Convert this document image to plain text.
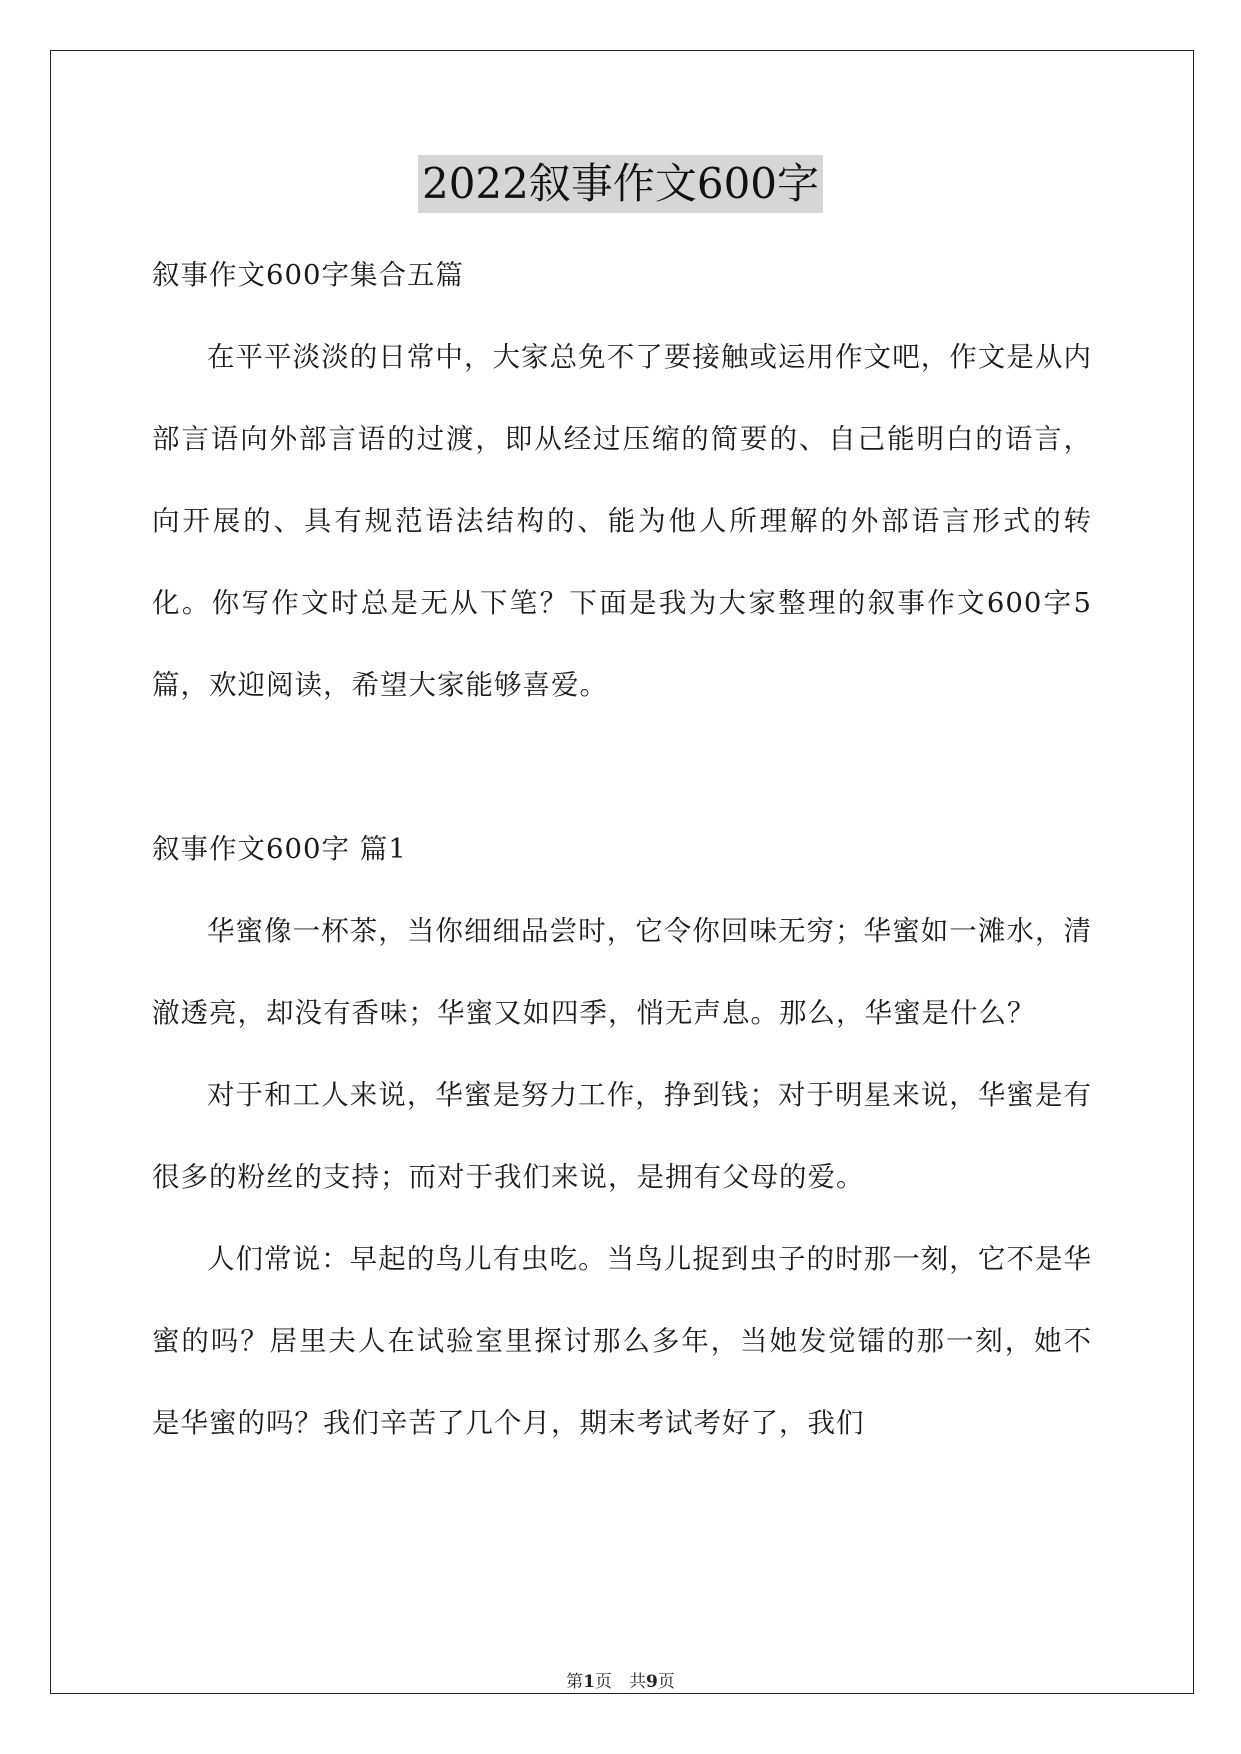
2022叙事作文600字

叙事作文600字集合五篇

在平平淡淡的日常中，大家总免不了要接触或运用作文吧，作文是从内部言语向外部言语的过渡，即从经过压缩的简要的、自己能明白的语言，向开展的、具有规范语法结构的、能为他人所理解的外部语言形式的转化。你写作文时总是无从下笔？下面是我为大家整理的叙事作文600字5篇，欢迎阅读，希望大家能够喜爱。

叙事作文600字 篇1

华蜜像一杯茶，当你细细品尝时，它令你回味无穷；华蜜如一滩水，清澈透亮，却没有香味；华蜜又如四季，悄无声息。那么，华蜜是什么？

对于和工人来说，华蜜是努力工作，挣到钱；对于明星来说，华蜜是有很多的粉丝的支持；而对于我们来说，是拥有父母的爱。

人们常说：早起的鸟儿有虫吃。当鸟儿捉到虫子的时那一刻，它不是华蜜的吗？居里夫人在试验室里探讨那么多年，当她发觉镭的那一刻，她不是华蜜的吗？我们辛苦了几个月，期末考试考好了，我们

第1页　共9页
